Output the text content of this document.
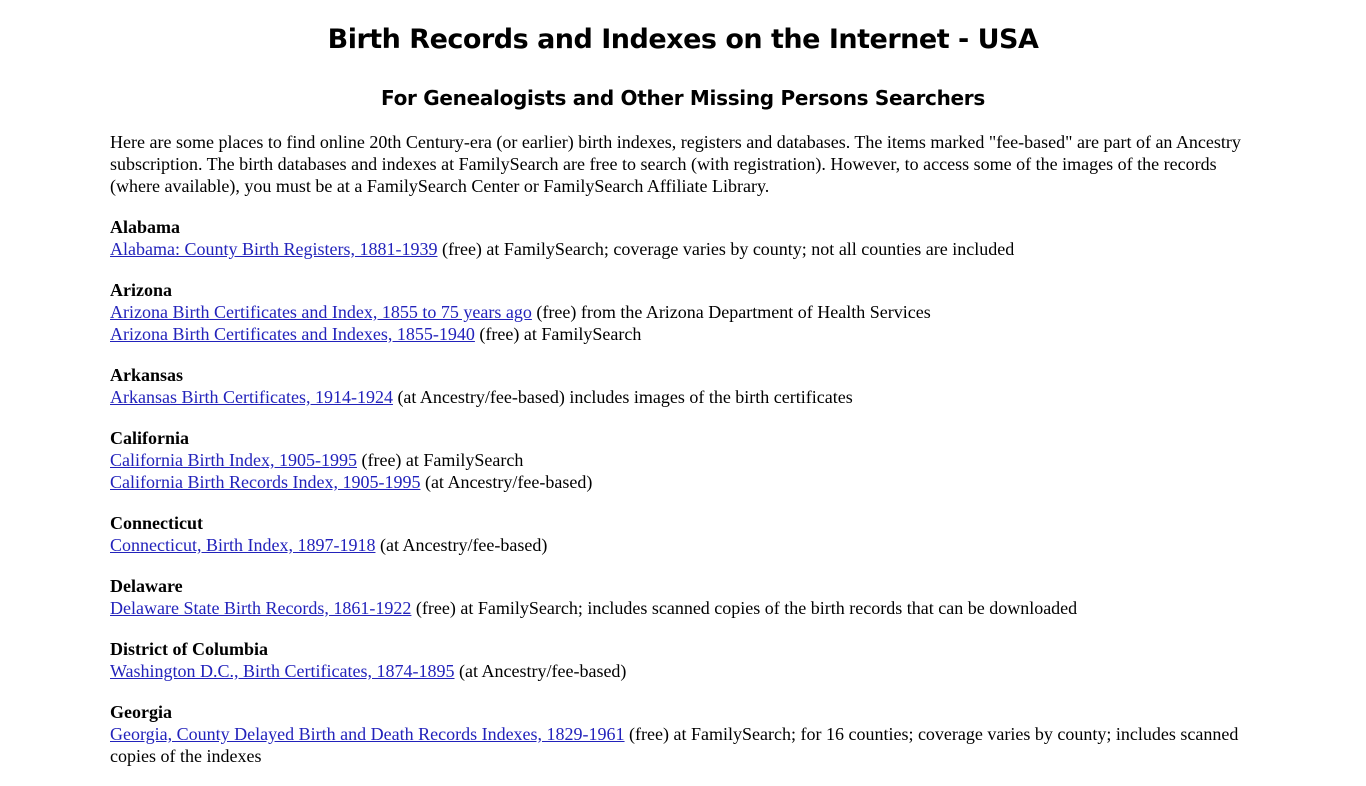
Birth Records and Indexes on the Internet - USA
For Genealogists and Other Missing Persons Searchers

Here are some places to find online 20th Century-era (or earlier) birth indexes, registers and databases. The items marked "fee-based" are part of an Ancestry subscription. The birth databases and indexes at FamilySearch are free to search (with registration). However, to access some of the images of the records (where available), you must be at a FamilySearch Center or FamilySearch Affiliate Library.

Alabama
Alabama: County Birth Registers, 1881-1939 (free) at FamilySearch; coverage varies by county; not all counties are included
Arizona
Arizona Birth Certificates and Index, 1855 to 75 years ago (free) from the Arizona Department of Health Services
Arizona Birth Certificates and Indexes, 1855-1940 (free) at FamilySearch
Arkansas
Arkansas Birth Certificates, 1914-1924 (at Ancestry/fee-based) includes images of the birth certificates
California
California Birth Index, 1905-1995 (free) at FamilySearch
California Birth Records Index, 1905-1995 (at Ancestry/fee-based)
Connecticut
Connecticut, Birth Index, 1897-1918 (at Ancestry/fee-based)
Delaware
Delaware State Birth Records, 1861-1922 (free) at FamilySearch; includes scanned copies of the birth records that can be downloaded
District of Columbia
Washington D.C., Birth Certificates, 1874-1895 (at Ancestry/fee-based)
Georgia
Georgia, County Delayed Birth and Death Records Indexes, 1829-1961 (free) at FamilySearch; for 16 counties; coverage varies by county; includes scanned copies of the indexes
